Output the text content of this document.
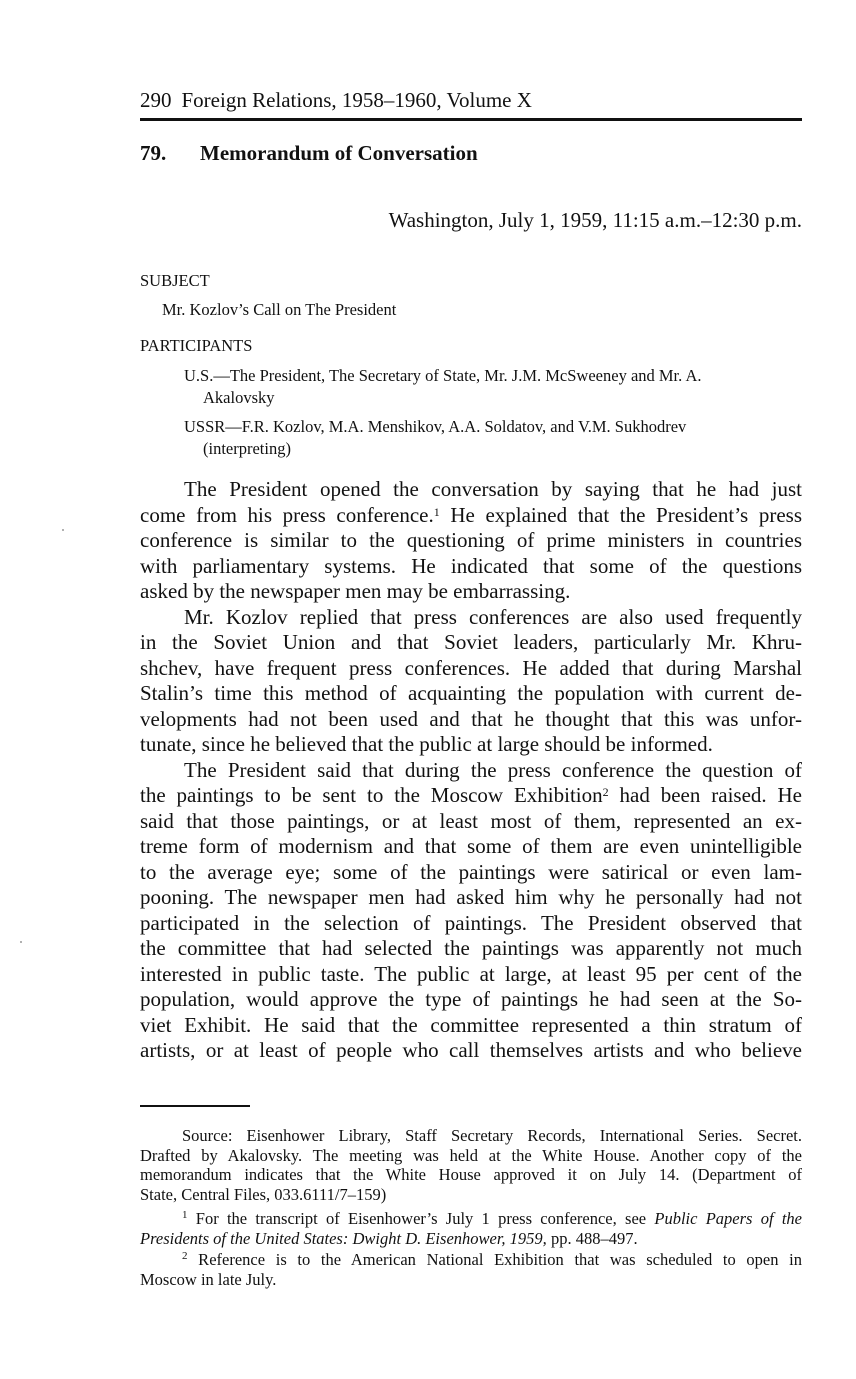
290 Foreign Relations, 1958–1960, Volume X
79. Memorandum of Conversation
Washington, July 1, 1959, 11:15 a.m.–12:30 p.m.
SUBJECT
Mr. Kozlov’s Call on The President
PARTICIPANTS
U.S.—The President, The Secretary of State, Mr. J.M. McSweeney and Mr. A.
Akalovsky
USSR—F.R. Kozlov, M.A. Menshikov, A.A. Soldatov, and V.M. Sukhodrev
(interpreting)
The President opened the conversation by saying that he had just
come from his press conference.$^1$ He explained that the President’s press
conference is similar to the questioning of prime ministers in countries
with parliamentary systems. He indicated that some of the questions
asked by the newspaper men may be embarrassing.
Mr. Kozlov replied that press conferences are also used frequently
in the Soviet Union and that Soviet leaders, particularly Mr. Khru-
shchev, have frequent press conferences. He added that during Marshal
Stalin’s time this method of acquainting the population with current de-
velopments had not been used and that he thought that this was unfor-
tunate, since he believed that the public at large should be informed.
The President said that during the press conference the question of
the paintings to be sent to the Moscow Exhibition$^2$ had been raised. He
said that those paintings, or at least most of them, represented an ex-
treme form of modernism and that some of them are even unintelligible
to the average eye; some of the paintings were satirical or even lam-
pooning. The newspaper men had asked him why he personally had not
participated in the selection of paintings. The President observed that
the committee that had selected the paintings was apparently not much
interested in public taste. The public at large, at least 95 per cent of the
population, would approve the type of paintings he had seen at the So-
viet Exhibit. He said that the committee represented a thin stratum of
artists, or at least of people who call themselves artists and who believe
Source: Eisenhower Library, Staff Secretary Records, International Series. Secret.
Drafted by Akalovsky. The meeting was held at the White House. Another copy of the
memorandum indicates that the White House approved it on July 14. (Department of
State, Central Files, 033.6111/7–159)
$^1$ For the transcript of Eisenhower’s July 1 press conference, see Public Papers of the
Presidents of the United States: Dwight D. Eisenhower, 1959, pp. 488–497.
$^2$ Reference is to the American National Exhibition that was scheduled to open in
Moscow in late July.
